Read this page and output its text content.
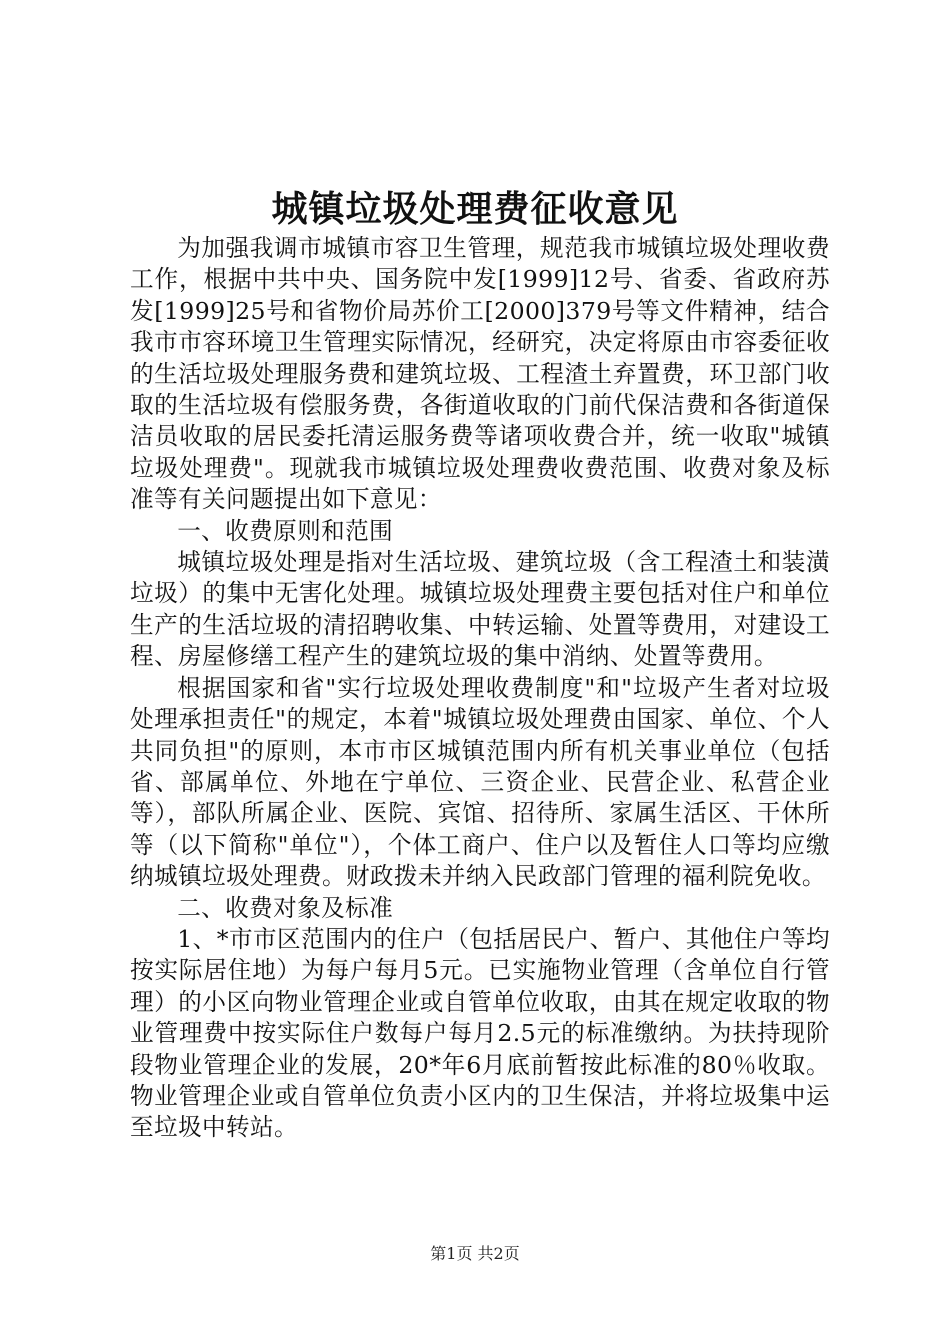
城镇垃圾处理费征收意见

为加强我调市城镇市容卫生管理，规范我市城镇垃圾处理收费工作，根据中共中央、国务院中发[1999]12号、省委、省政府苏发[1999]25号和省物价局苏价工[2000]379号等文件精神，结合我市市容环境卫生管理实际情况，经研究，决定将原由市容委征收的生活垃圾处理服务费和建筑垃圾、工程渣土弃置费，环卫部门收取的生活垃圾有偿服务费，各街道收取的门前代保洁费和各街道保洁员收取的居民委托清运服务费等诸项收费合并，统一收取"城镇垃圾处理费"。现就我市城镇垃圾处理费收费范围、收费对象及标准等有关问题提出如下意见：

一、收费原则和范围

城镇垃圾处理是指对生活垃圾、建筑垃圾（含工程渣土和装潢垃圾）的集中无害化处理。城镇垃圾处理费主要包括对住户和单位生产的生活垃圾的清招聘收集、中转运输、处置等费用，对建设工程、房屋修缮工程产生的建筑垃圾的集中消纳、处置等费用。

根据国家和省"实行垃圾处理收费制度"和"垃圾产生者对垃圾处理承担责任"的规定，本着"城镇垃圾处理费由国家、单位、个人共同负担"的原则，本市市区城镇范围内所有机关事业单位（包括省、部属单位、外地在宁单位、三资企业、民营企业、私营企业等），部队所属企业、医院、宾馆、招待所、家属生活区、干休所等（以下简称"单位"），个体工商户、住户以及暂住人口等均应缴纳城镇垃圾处理费。财政拨未并纳入民政部门管理的福利院免收。

二、收费对象及标准

1、*市市区范围内的住户（包括居民户、暂户、其他住户等均按实际居住地）为每户每月5元。已实施物业管理（含单位自行管理）的小区向物业管理企业或自管单位收取，由其在规定收取的物业管理费中按实际住户数每户每月2.5元的标准缴纳。为扶持现阶段物业管理企业的发展，20*年6月底前暂按此标准的80％收取。物业管理企业或自管单位负责小区内的卫生保洁，并将垃圾集中运至垃圾中转站。

第1页 共2页
